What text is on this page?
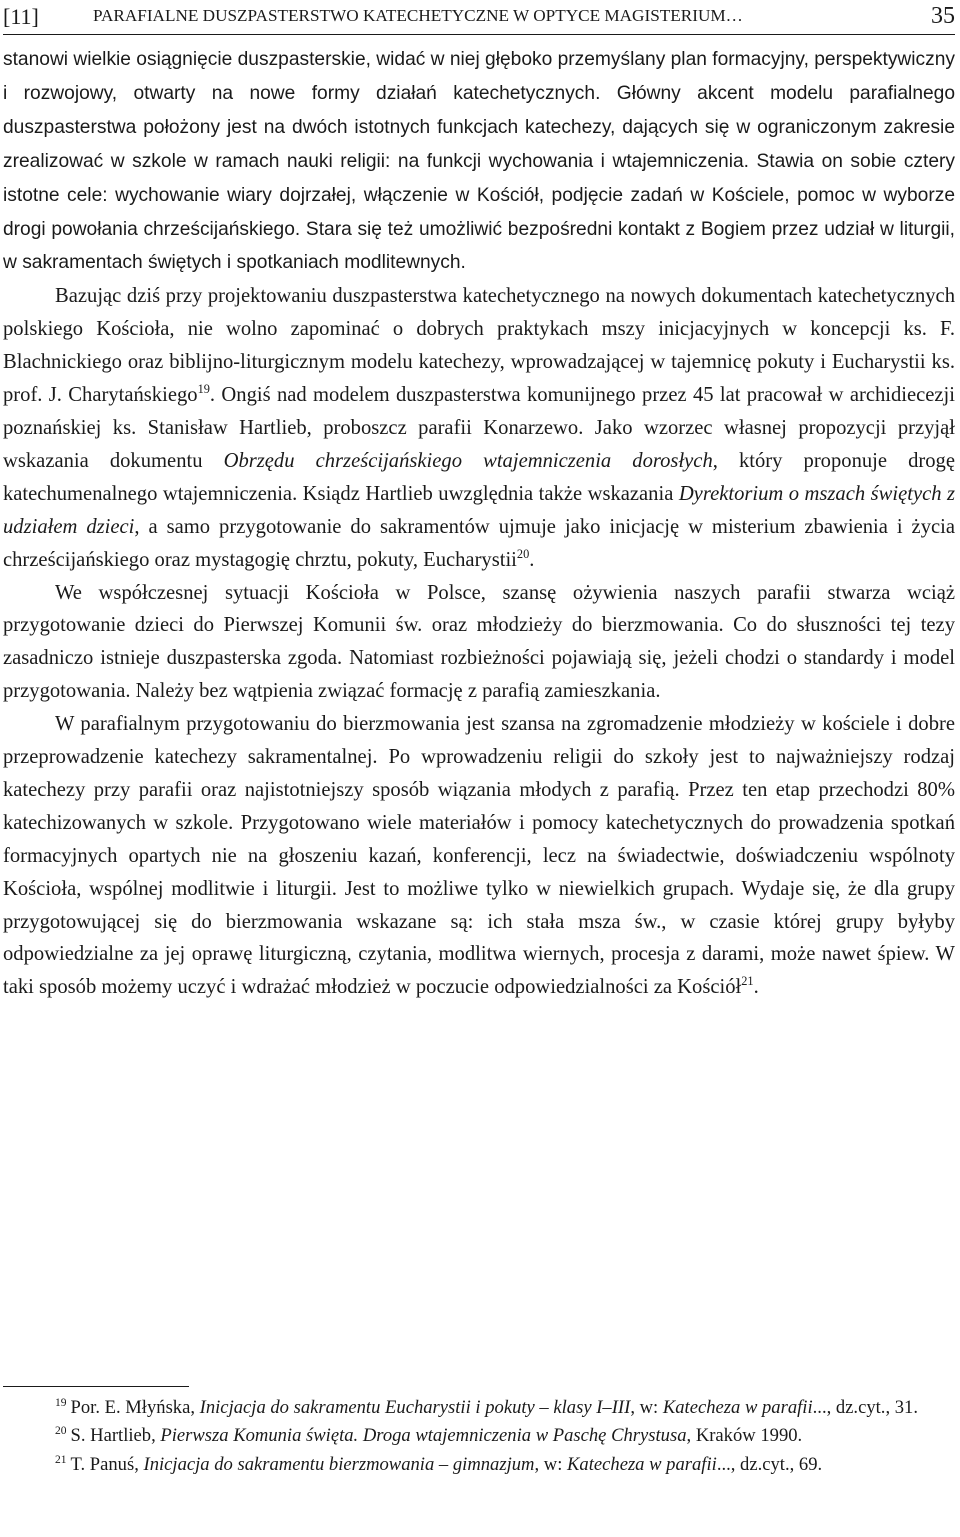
[11]	PARAFIALNE DUSZPASTERSTWO KATECHETYCZNE W OPTYCE MAGISTERIUM…	35

stanowi wielkie osiągnięcie duszpasterskie, widać w niej głęboko przemyślany plan formacyjny, perspektywiczny i rozwojowy, otwarty na nowe formy działań katechetycznych. Główny akcent modelu parafialnego duszpasterstwa położony jest na dwóch istotnych funkcjach katechezy, dających się w ograniczonym zakresie zrealizować w szkole w ramach nauki religii: na funkcji wychowania i wtajemniczenia. Stawia on sobie cztery istotne cele: wychowanie wiary dojrzałej, włączenie w Kościół, podjęcie zadań w Kościele, pomoc w wyborze drogi powołania chrześcijańskiego. Stara się też umożliwić bezpośredni kontakt z Bogiem przez udział w liturgii, w sakramentach świętych i spotkaniach modlitewnych.

Bazując dziś przy projektowaniu duszpasterstwa katechetycznego na nowych dokumentach katechetycznych polskiego Kościoła, nie wolno zapominać o dobrych praktykach mszy inicjacyjnych w koncepcji ks. F. Blachnickiego oraz biblijno-liturgicznym modelu katechezy, wprowadzającej w tajemnicę pokuty i Eucharystii ks. prof. J. Charytańskiego$^{19}$. Ongiś nad modelem duszpasterstwa komunijnego przez 45 lat pracował w archidiecezji poznańskiej ks. Stanisław Hartlieb, proboszcz parafii Konarzewo. Jako wzorzec własnej propozycji przyjął wskazania dokumentu Obrzędu chrześcijańskiego wtajemniczenia dorosłych, który proponuje drogę katechumenalnego wtajemniczenia. Ksiądz Hartlieb uwzględnia także wskazania Dyrektorium o mszach świętych z udziałem dzieci, a samo przygotowanie do sakramentów ujmuje jako inicjację w misterium zbawienia i życia chrześcijańskiego oraz mystagogię chrztu, pokuty, Eucharystii$^{20}$.

We współczesnej sytuacji Kościoła w Polsce, szansę ożywienia naszych parafii stwarza wciąż przygotowanie dzieci do Pierwszej Komunii św. oraz młodzieży do bierzmowania. Co do słuszności tej tezy zasadniczo istnieje duszpasterska zgoda. Natomiast rozbieżności pojawiają się, jeżeli chodzi o standardy i model przygotowania. Należy bez wątpienia związać formację z parafią zamieszkania.

W parafialnym przygotowaniu do bierzmowania jest szansa na zgromadzenie młodzieży w kościele i dobre przeprowadzenie katechezy sakramentalnej. Po wprowadzeniu religii do szkoły jest to najważniejszy rodzaj katechezy przy parafii oraz najistotniejszy sposób wiązania młodych z parafią. Przez ten etap przechodzi 80% katechizowanych w szkole. Przygotowano wiele materiałów i pomocy katechetycznych do prowadzenia spotkań formacyjnych opartych nie na głoszeniu kazań, konferencji, lecz na świadectwie, doświadczeniu wspólnoty Kościoła, wspólnej modlitwie i liturgii. Jest to możliwe tylko w niewielkich grupach. Wydaje się, że dla grupy przygotowującej się do bierzmowania wskazane są: ich stała msza św., w czasie której grupy byłyby odpowiedzialne za jej oprawę liturgiczną, czytania, modlitwa wiernych, procesja z darami, może nawet śpiew. W taki sposób możemy uczyć i wdrażać młodzież w poczucie odpowiedzialności za Kościół$^{21}$.

$^{19}$ Por. E. Młyńska, Inicjacja do sakramentu Eucharystii i pokuty – klasy I–III, w: Katecheza w parafii..., dz.cyt., 31.

$^{20}$ S. Hartlieb, Pierwsza Komunia święta. Droga wtajemniczenia w Paschę Chrystusa, Kraków 1990.

$^{21}$ T. Panuś, Inicjacja do sakramentu bierzmowania – gimnazjum, w: Katecheza w parafii..., dz.cyt., 69.
